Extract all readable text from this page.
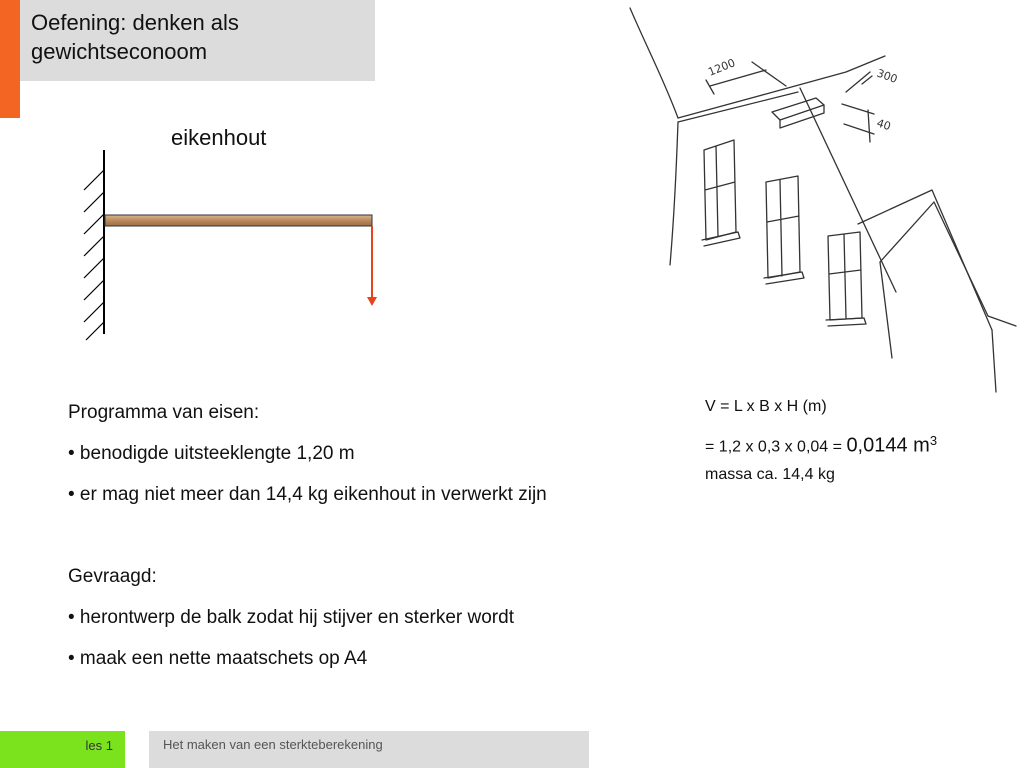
Oefening: denken als
gewichtseconoom
eikenhout
1200	300
40

Programma van eisen:

• benodigde uitsteeklengte 1,20 m

• er mag niet meer dan 14,4 kg eikenhout in verwerkt zijn

Gevraagd:

• herontwerp de balk zodat hij stijver en sterker wordt

• maak een nette maatschets op A4

V = L x B x H (m)

= 1,2 x 0,3 x 0,04 = 0,0144 $m^3$

massa ca. 14,4 kg

les 1	Het maken van een sterkteberekening
